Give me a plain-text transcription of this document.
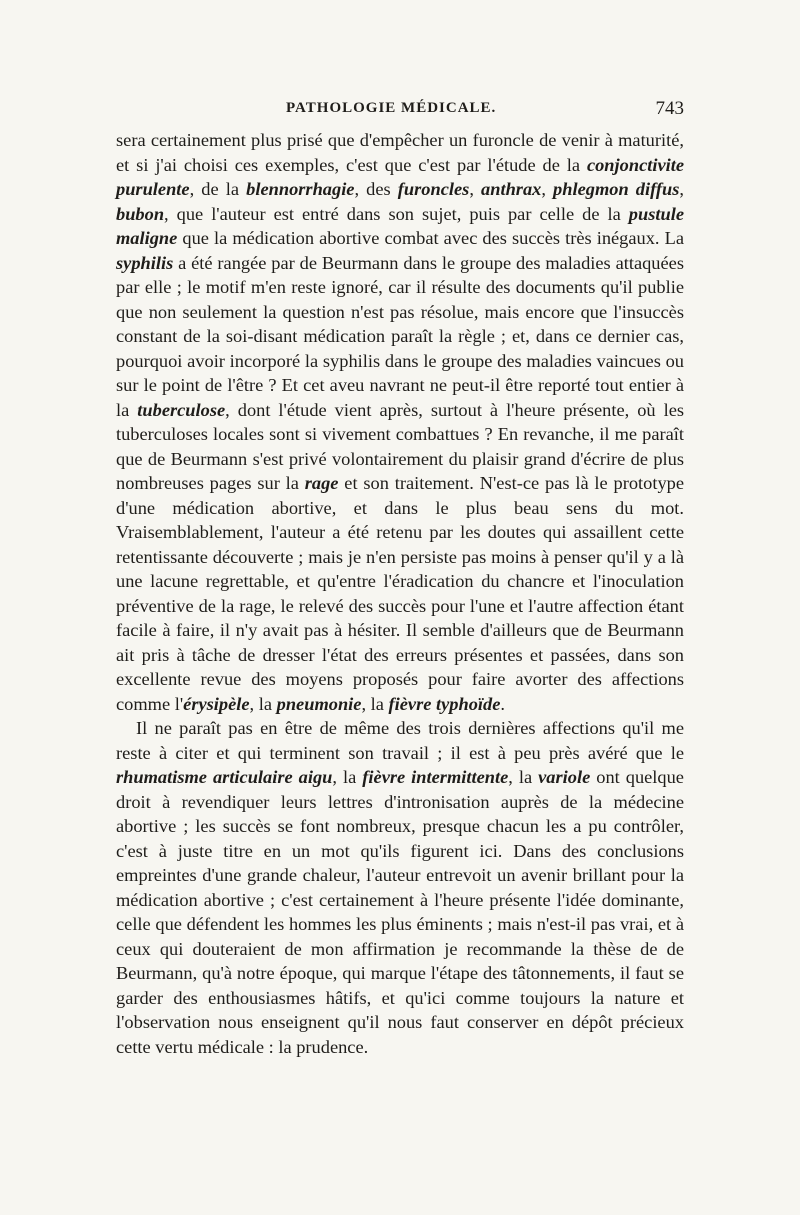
PATHOLOGIE MÉDICALE.	743

sera certainement plus prisé que d'empêcher un furoncle de venir à maturité, et si j'ai choisi ces exemples, c'est que c'est par l'étude de la conjonctivite purulente, de la blennorrhagie, des furoncles, anthrax, phlegmon diffus, bubon, que l'auteur est entré dans son sujet, puis par celle de la pustule maligne que la médication abortive combat avec des succès très inégaux. La syphilis a été rangée par de Beurmann dans le groupe des maladies attaquées par elle ; le motif m'en reste ignoré, car il résulte des documents qu'il publie que non seulement la question n'est pas résolue, mais encore que l'insuccès constant de la soi-disant médication paraît la règle ; et, dans ce dernier cas, pourquoi avoir incorporé la syphilis dans le groupe des maladies vaincues ou sur le point de l'être ? Et cet aveu navrant ne peut-il être reporté tout entier à la tuberculose, dont l'étude vient après, surtout à l'heure présente, où les tuberculoses locales sont si vivement combattues ? En revanche, il me paraît que de Beurmann s'est privé volontairement du plaisir grand d'écrire de plus nombreuses pages sur la rage et son traitement. N'est-ce pas là le prototype d'une médication abortive, et dans le plus beau sens du mot. Vraisemblablement, l'auteur a été retenu par les doutes qui assaillent cette retentissante découverte ; mais je n'en persiste pas moins à penser qu'il y a là une lacune regrettable, et qu'entre l'éradication du chancre et l'inoculation préventive de la rage, le relevé des succès pour l'une et l'autre affection étant facile à faire, il n'y avait pas à hésiter. Il semble d'ailleurs que de Beurmann ait pris à tâche de dresser l'état des erreurs présentes et passées, dans son excellente revue des moyens proposés pour faire avorter des affections comme l'érysipèle, la pneumonie, la fièvre typhoïde.

Il ne paraît pas en être de même des trois dernières affections qu'il me reste à citer et qui terminent son travail ; il est à peu près avéré que le rhumatisme articulaire aigu, la fièvre intermittente, la variole ont quelque droit à revendiquer leurs lettres d'intronisation auprès de la médecine abortive ; les succès se font nombreux, presque chacun les a pu contrôler, c'est à juste titre en un mot qu'ils figurent ici. Dans des conclusions empreintes d'une grande chaleur, l'auteur entrevoit un avenir brillant pour la médication abortive ; c'est certainement à l'heure présente l'idée dominante, celle que défendent les hommes les plus éminents ; mais n'est-il pas vrai, et à ceux qui douteraient de mon affirmation je recommande la thèse de de Beurmann, qu'à notre époque, qui marque l'étape des tâtonnements, il faut se garder des enthousiasmes hâtifs, et qu'ici comme toujours la nature et l'observation nous enseignent qu'il nous faut conserver en dépôt précieux cette vertu médicale : la prudence.
